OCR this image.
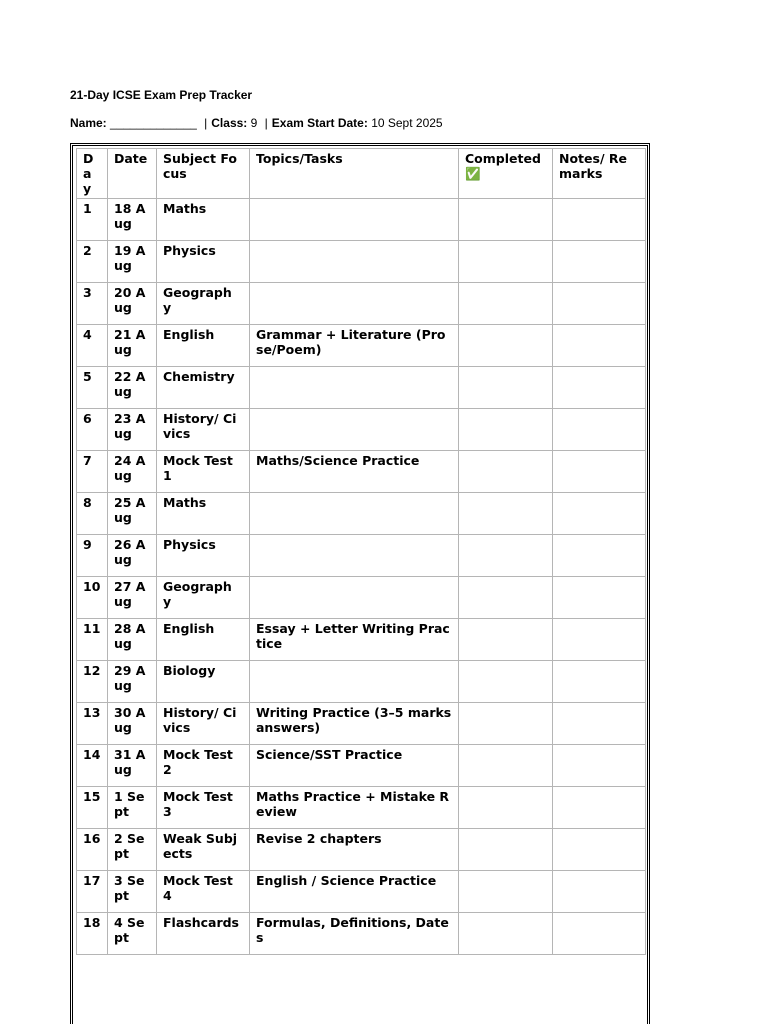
21-Day ICSE Exam Prep Tracker
Name: _____________ | Class: 9 | Exam Start Date: 10 Sept 2025
Da y	Date	Subject Focus	Topics/Tasks	Completed ✅	Notes/ Remarks
1	18 Aug	Maths			
2	19 Aug	Physics			
3	20 Aug	Geograph y			
4	21 Aug	English	Grammar + Literature (Prose/Poem)		
5	22 Aug	Chemistry			
6	23 Aug	History/ Civics			
7	24 Aug	Mock Test 1	Maths/Science Practice		
8	25 Aug	Maths			
9	26 Aug	Physics			
10	27 Aug	Geograph y			
11	28 Aug	English	Essay + Letter Writing Practice		
12	29 Aug	Biology			
13	30 Aug	History/ Civics	Writing Practice (3–5 marks answers)		
14	31 Aug	Mock Test 2	Science/SST Practice		
15	1 Sept	Mock Test 3	Maths Practice + Mistake Review		
16	2 Sept	Weak Subjects	Revise 2 chapters		
17	3 Sept	Mock Test 4	English / Science Practice		
18	4 Sept	Flashcards	Formulas, Definitions, Dates		
